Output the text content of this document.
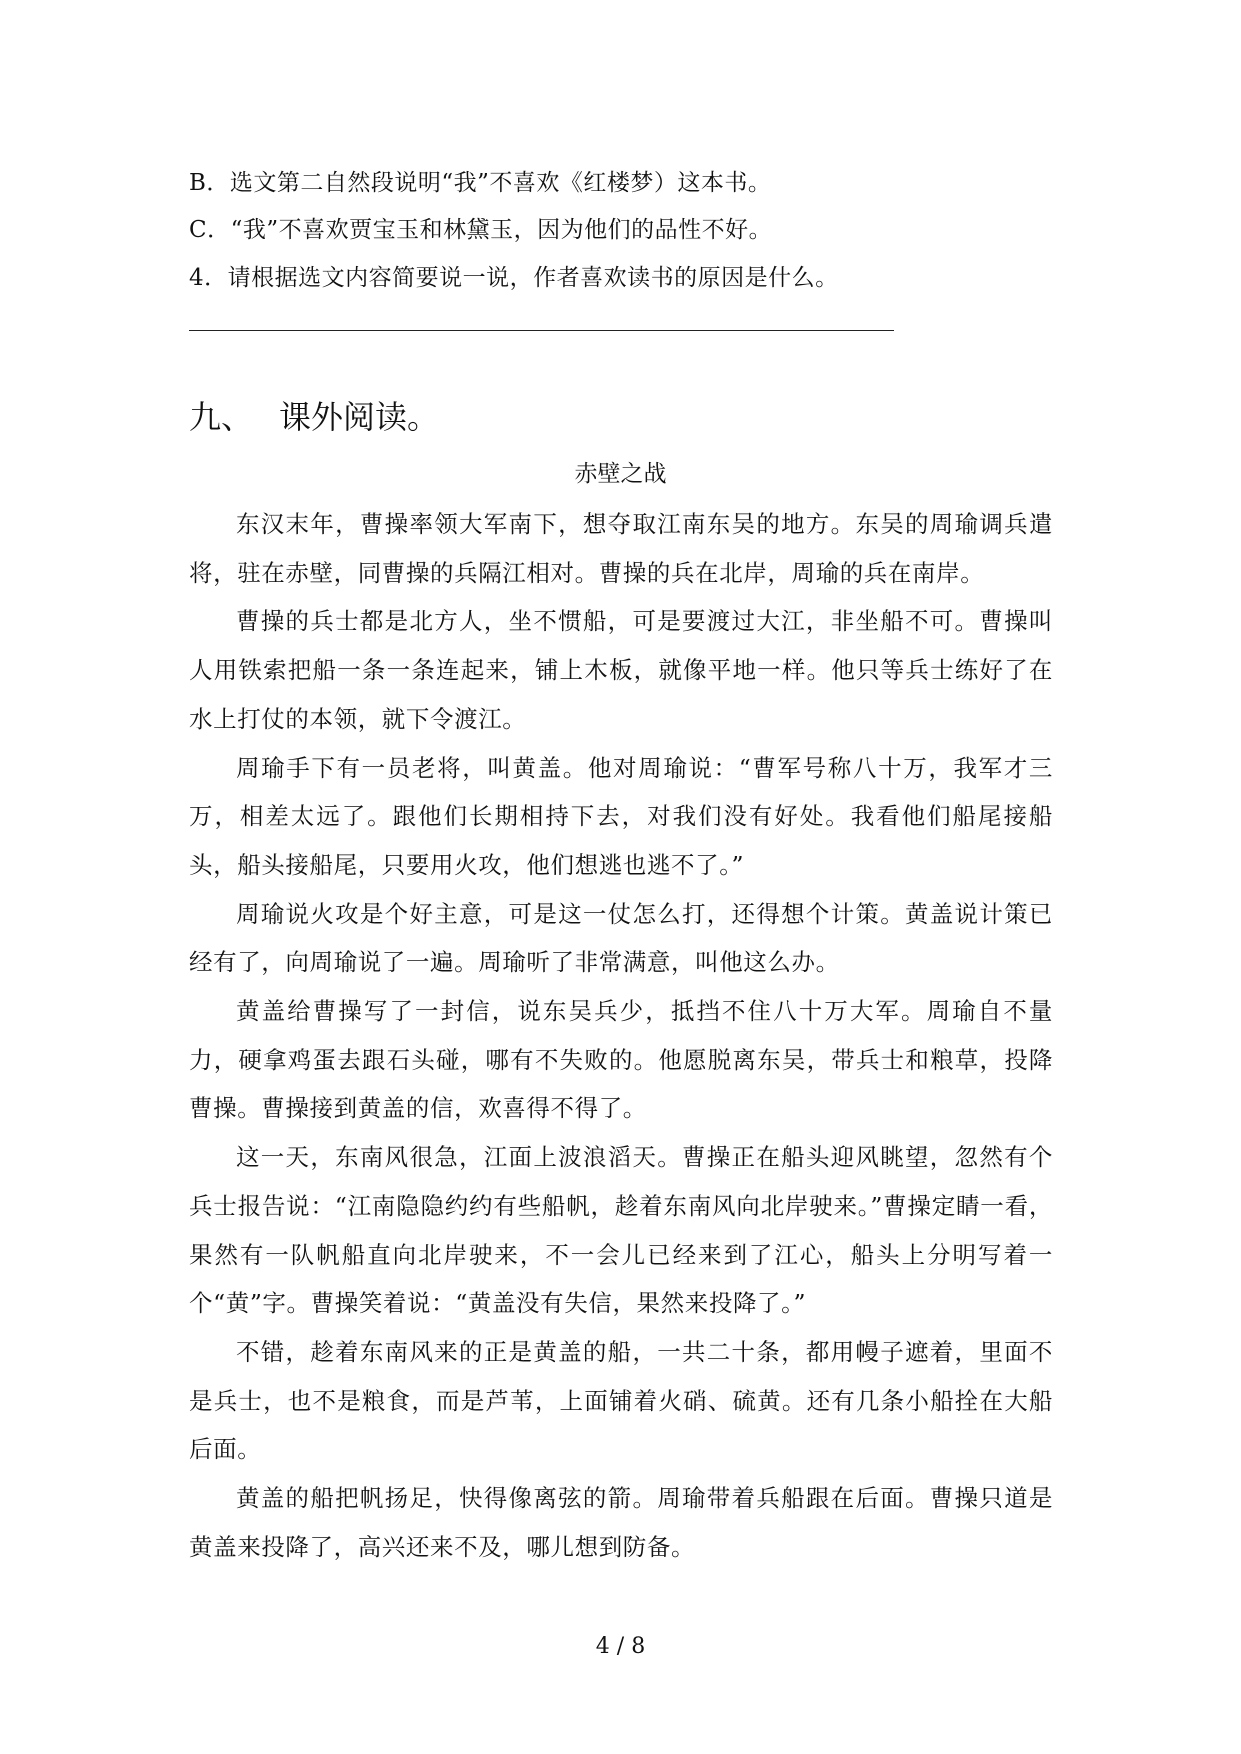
B．选文第二自然段说明“我”不喜欢《红楼梦）这本书。
C．“我”不喜欢贾宝玉和林黛玉，因为他们的品性不好。
4．请根据选文内容简要说一说，作者喜欢读书的原因是什么。
九、 课外阅读。
赤壁之战

东汉末年，曹操率领大军南下，想夺取江南东吴的地方。东吴的周瑜调兵遣将，驻在赤壁，同曹操的兵隔江相对。曹操的兵在北岸，周瑜的兵在南岸。

曹操的兵士都是北方人，坐不惯船，可是要渡过大江，非坐船不可。曹操叫人用铁索把船一条一条连起来，铺上木板，就像平地一样。他只等兵士练好了在水上打仗的本领，就下令渡江。

周瑜手下有一员老将，叫黄盖。他对周瑜说：“曹军号称八十万，我军才三万，相差太远了。跟他们长期相持下去，对我们没有好处。我看他们船尾接船头，船头接船尾，只要用火攻，他们想逃也逃不了。”

周瑜说火攻是个好主意，可是这一仗怎么打，还得想个计策。黄盖说计策已经有了，向周瑜说了一遍。周瑜听了非常满意，叫他这么办。

黄盖给曹操写了一封信，说东吴兵少，抵挡不住八十万大军。周瑜自不量力，硬拿鸡蛋去跟石头碰，哪有不失败的。他愿脱离东吴，带兵士和粮草，投降曹操。曹操接到黄盖的信，欢喜得不得了。

这一天，东南风很急，江面上波浪滔天。曹操正在船头迎风眺望，忽然有个兵士报告说：“江南隐隐约约有些船帆，趁着东南风向北岸驶来。”曹操定睛一看，果然有一队帆船直向北岸驶来，不一会儿已经来到了江心，船头上分明写着一个“黄”字。曹操笑着说：“黄盖没有失信，果然来投降了。”

不错，趁着东南风来的正是黄盖的船，一共二十条，都用幔子遮着，里面不是兵士，也不是粮食，而是芦苇，上面铺着火硝、硫黄。还有几条小船拴在大船后面。

黄盖的船把帆扬足，快得像离弦的箭。周瑜带着兵船跟在后面。曹操只道是黄盖来投降了，高兴还来不及，哪儿想到防备。

4 / 8
